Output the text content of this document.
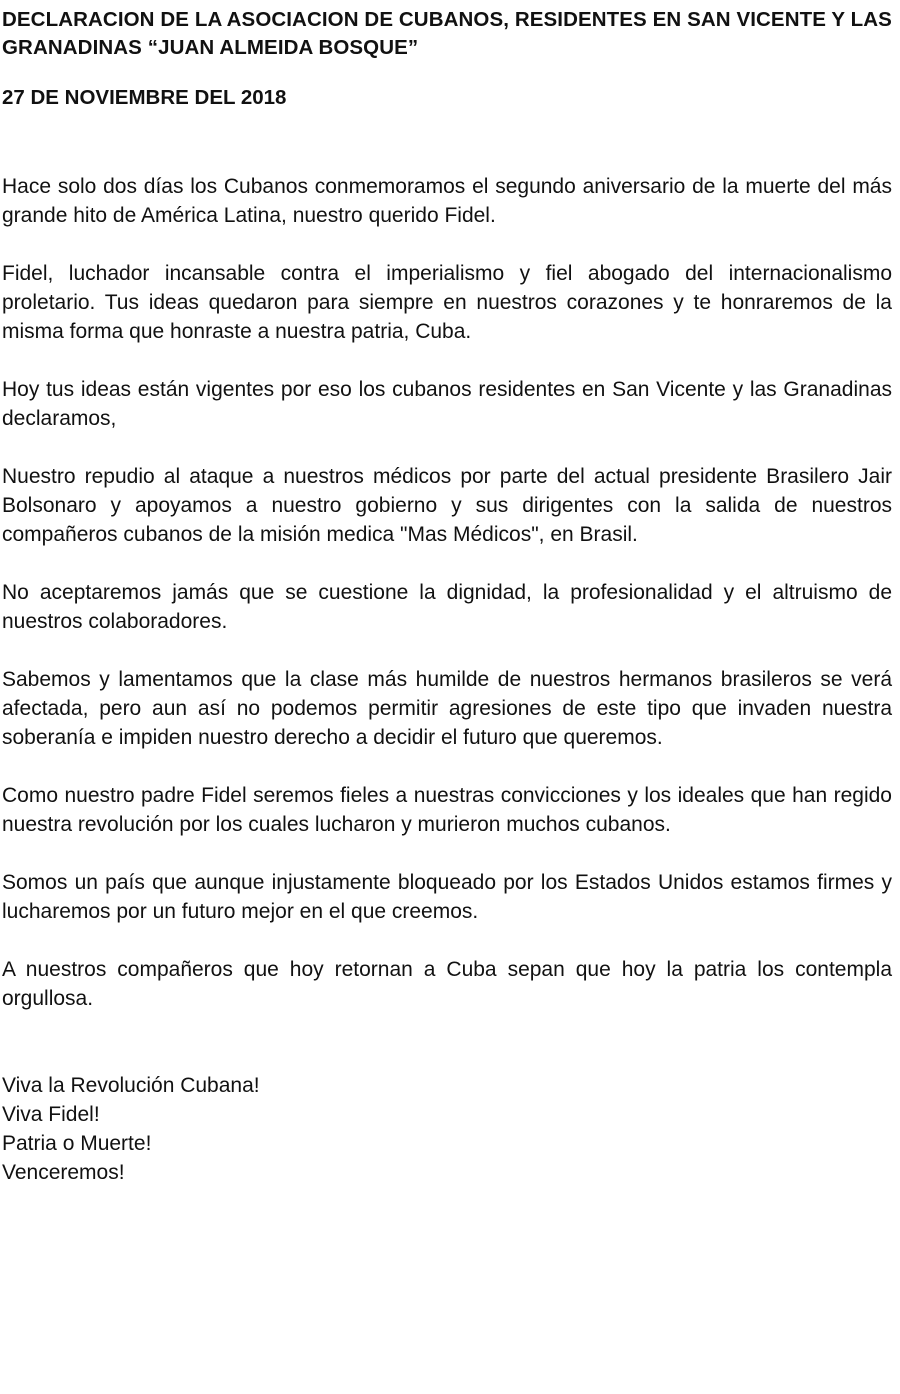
DECLARACION DE LA ASOCIACION DE CUBANOS, RESIDENTES EN SAN VICENTE Y LAS GRANADINAS “JUAN ALMEIDA BOSQUE”
27 DE NOVIEMBRE DEL 2018

Hace solo dos días los Cubanos conmemoramos el segundo aniversario de la muerte del más grande hito de América Latina, nuestro querido Fidel.

Fidel, luchador incansable contra el imperialismo y fiel abogado del internacionalismo proletario. Tus ideas quedaron para siempre en nuestros corazones y te honraremos de la misma forma que honraste a nuestra patria, Cuba.

Hoy tus ideas están vigentes por eso los cubanos residentes en San Vicente y las Granadinas declaramos,

Nuestro repudio al ataque a nuestros médicos por parte del actual presidente Brasilero Jair Bolsonaro y apoyamos a nuestro gobierno y sus dirigentes con la salida de nuestros compañeros cubanos de la misión medica "Mas Médicos", en Brasil.

No aceptaremos jamás que se cuestione la dignidad, la profesionalidad y el altruismo de nuestros colaboradores.

Sabemos y lamentamos que la clase más humilde de nuestros hermanos brasileros se verá afectada, pero aun así no podemos permitir agresiones de este tipo que invaden nuestra soberanía e impiden nuestro derecho a decidir el futuro que queremos.

Como nuestro padre Fidel seremos fieles a nuestras convicciones y los ideales que han regido nuestra revolución por los cuales lucharon y murieron muchos cubanos.

Somos un país que aunque injustamente bloqueado por los Estados Unidos estamos firmes y lucharemos por un futuro mejor en el que creemos.

A nuestros compañeros que hoy retornan a Cuba sepan que hoy la patria los contempla orgullosa.

Viva la Revolución Cubana!

Viva Fidel!

Patria o Muerte!

Venceremos!
